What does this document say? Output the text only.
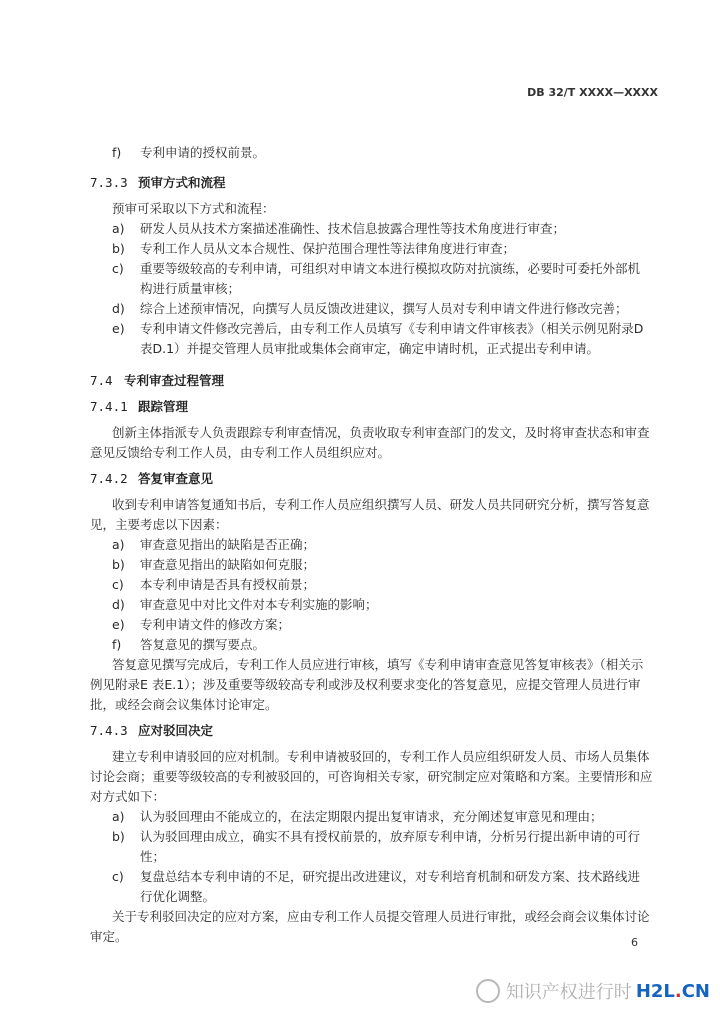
DB 32/T XXXX—XXXX
f)	专利申请的授权前景。
7.3.3 预审方式和流程
预审可采取以下方式和流程：
a)	研发人员从技术方案描述准确性、技术信息披露合理性等技术角度进行审查；
b)	专利工作人员从文本合规性、保护范围合理性等法律角度进行审查；
c)	重要等级较高的专利申请，可组织对申请文本进行模拟攻防对抗演练，必要时可委托外部机
构进行质量审核；
d)	综合上述预审情况，向撰写人员反馈改进建议，撰写人员对专利申请文件进行修改完善；
e)	专利申请文件修改完善后，由专利工作人员填写《专利申请文件审核表》（相关示例见附录D
表D.1）并提交管理人员审批或集体会商审定，确定申请时机，正式提出专利申请。
7.4 专利审查过程管理
7.4.1 跟踪管理
创新主体指派专人负责跟踪专利审查情况，负责收取专利审查部门的发文，及时将审查状态和审查
意见反馈给专利工作人员，由专利工作人员组织应对。
7.4.2 答复审查意见
收到专利申请答复通知书后，专利工作人员应组织撰写人员、研发人员共同研究分析，撰写答复意
见，主要考虑以下因素：
a)	审查意见指出的缺陷是否正确；
b)	审查意见指出的缺陷如何克服；
c)	本专利申请是否具有授权前景；
d)	审查意见中对比文件对本专利实施的影响；
e)	专利申请文件的修改方案；
f)	答复意见的撰写要点。
答复意见撰写完成后，专利工作人员应进行审核，填写《专利申请审查意见答复审核表》（相关示
例见附录E 表E.1）；涉及重要等级较高专利或涉及权利要求变化的答复意见，应提交管理人员进行审
批，或经会商会议集体讨论审定。
7.4.3 应对驳回决定
建立专利申请驳回的应对机制。专利申请被驳回的，专利工作人员应组织研发人员、市场人员集体
讨论会商；重要等级较高的专利被驳回的，可咨询相关专家，研究制定应对策略和方案。主要情形和应
对方式如下：
a)	认为驳回理由不能成立的，在法定期限内提出复审请求，充分阐述复审意见和理由；
b)	认为驳回理由成立，确实不具有授权前景的，放弃原专利申请，分析另行提出新申请的可行
性；
c)	复盘总结本专利申请的不足，研究提出改进建议，对专利培育机制和研发方案、技术路线进
行优化调整。
关于专利驳回决定的应对方案，应由专利工作人员提交管理人员进行审批，或经会商会议集体讨论
审定。	6
知识产权进行时 H2L.CN
